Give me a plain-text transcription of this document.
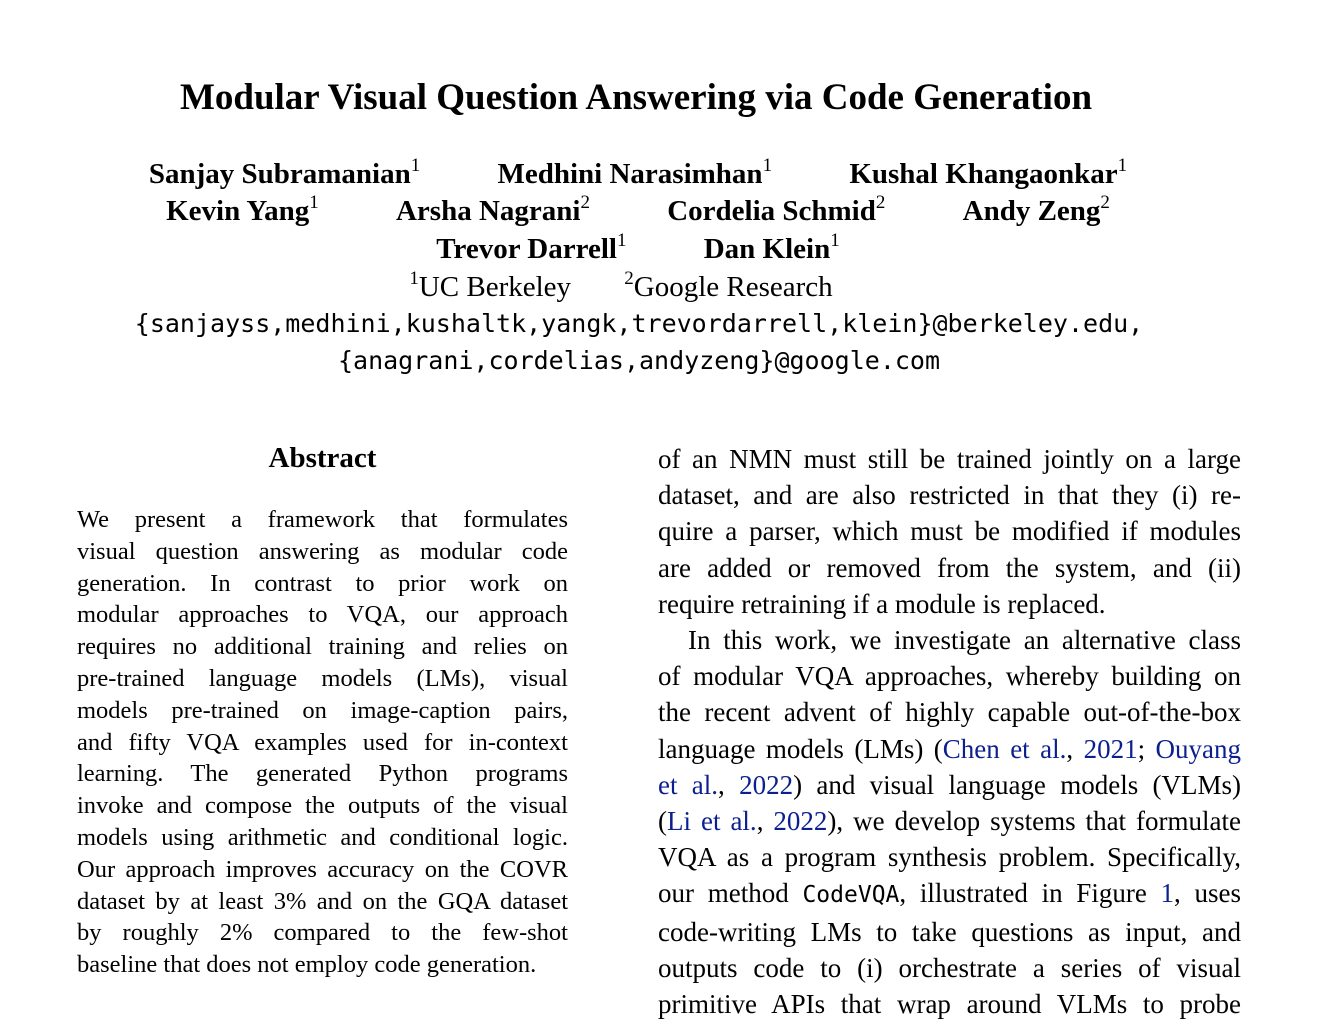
Modular Visual Question Answering via Code Generation
Sanjay Subramanian$^1$	Medhini Narasimhan$^1$	Kushal Khangaonkar$^1$
Kevin Yang$^1$	Arsha Nagrani$^2$	Cordelia Schmid$^2$	Andy Zeng$^2$
Trevor Darrell$^1$	Dan Klein$^1$
$^1$UC Berkeley	$^2$Google Research
{sanjayss,medhini,kushaltk,yangk,trevordarrell,klein}@berkeley.edu,
{anagrani,cordelias,andyzeng}@google.com
Abstract
We present a framework that formulates
visual question answering as modular code
generation. In contrast to prior work on
modular approaches to VQA, our approach
requires no additional training and relies on
pre-trained language models (LMs), visual
models pre-trained on image-caption pairs,
and fifty VQA examples used for in-context
learning. The generated Python programs
invoke and compose the outputs of the visual
models using arithmetic and conditional logic.
Our approach improves accuracy on the COVR
dataset by at least 3% and on the GQA dataset
by roughly 2% compared to the few-shot
baseline that does not employ code generation.
of an NMN must still be trained jointly on a large
dataset, and are also restricted in that they (i) re-
quire a parser, which must be modified if modules
are added or removed from the system, and (ii)
require retraining if a module is replaced.
In this work, we investigate an alternative class
of modular VQA approaches, whereby building on
the recent advent of highly capable out-of-the-box
language models (LMs) (Chen et al., 2021; Ouyang
et al., 2022) and visual language models (VLMs)
(Li et al., 2022), we develop systems that formulate
VQA as a program synthesis problem. Specifically,
our method CodeVQA, illustrated in Figure 1, uses
code-writing LMs to take questions as input, and
outputs code to (i) orchestrate a series of visual
primitive APIs that wrap around VLMs to probe
